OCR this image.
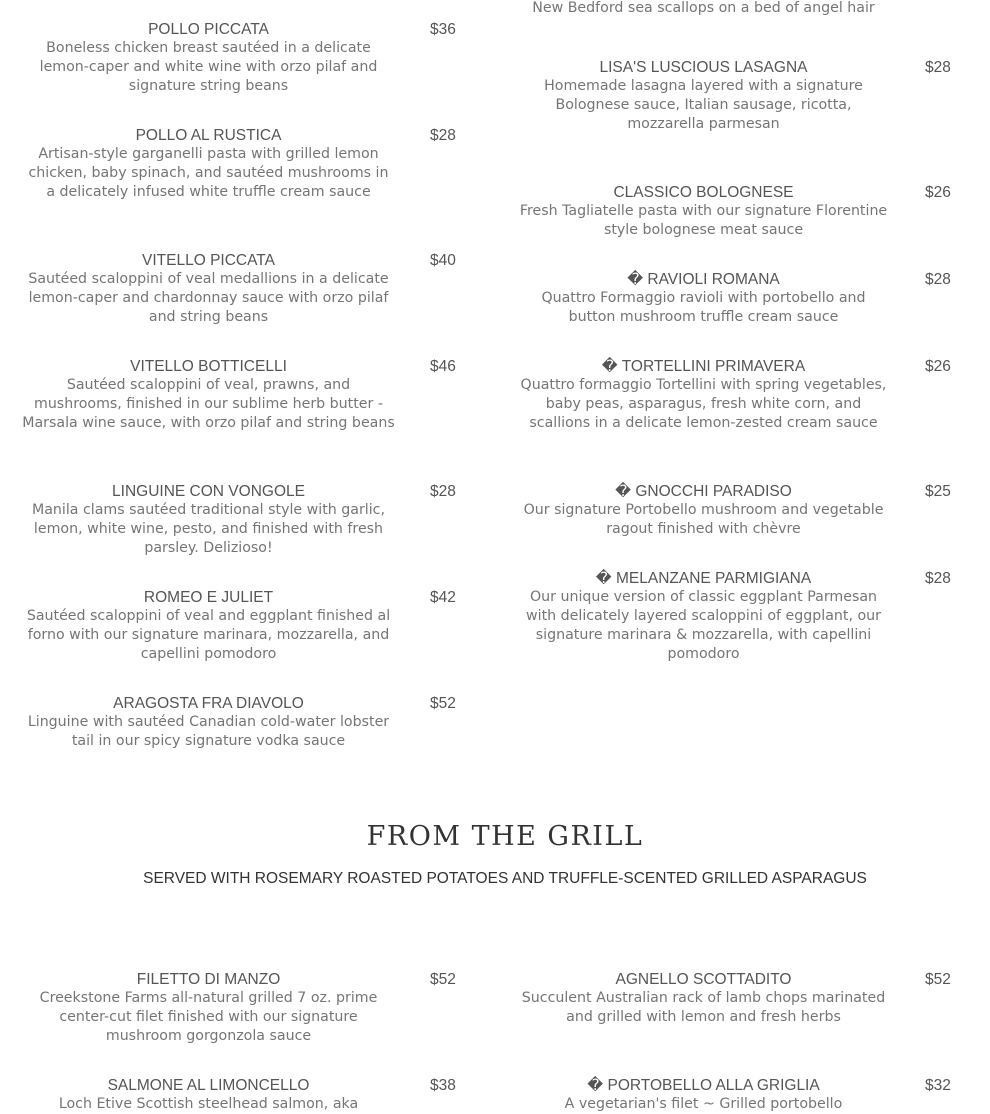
POLLO PICCATA	$36
Boneless chicken breast sautéed in a delicate lemon-caper and white wine with orzo pilaf and signature string beans
POLLO AL RUSTICA	$28
Artisan-style garganelli pasta with grilled lemon chicken, baby spinach, and sautéed mushrooms in a delicately infused white truffle cream sauce
VITELLO PICCATA	$40
Sautéed scaloppini of veal medallions in a delicate lemon-caper and chardonnay sauce with orzo pilaf and string beans
VITELLO BOTTICELLI	$46
Sautéed scaloppini of veal, prawns, and mushrooms, finished in our sublime herb butter - Marsala wine sauce, with orzo pilaf and string beans
LINGUINE CON VONGOLE	$28
Manila clams sautéed traditional style with garlic, lemon, white wine, pesto, and finished with fresh parsley. Delizioso!
ROMEO E JULIET	$42
Sautéed scaloppini of veal and eggplant finished al forno with our signature marinara, mozzarella, and capellini pomodoro
ARAGOSTA FRA DIAVOLO	$52
Linguine with sautéed Canadian cold-water lobster tail in our spicy signature vodka sauce
New Bedford sea scallops on a bed of angel hair
LISA'S LUSCIOUS LASAGNA	$28
Homemade lasagna layered with a signature Bolognese sauce, Italian sausage, ricotta, mozzarella parmesan
CLASSICO BOLOGNESE	$26
Fresh Tagliatelle pasta with our signature Florentine style bolognese meat sauce
� RAVIOLI ROMANA	$28
Quattro Formaggio ravioli with portobello and button mushroom truffle cream sauce
� TORTELLINI PRIMAVERA	$26
Quattro formaggio Tortellini with spring vegetables, baby peas, asparagus, fresh white corn, and scallions in a delicate lemon-zested cream sauce
� GNOCCHI PARADISO	$25
Our signature Portobello mushroom and vegetable ragout finished with chèvre
� MELANZANE PARMIGIANA	$28
Our unique version of classic eggplant Parmesan with delicately layered scaloppini of eggplant, our signature marinara & mozzarella, with capellini pomodoro
FROM THE GRILL
SERVED WITH ROSEMARY ROASTED POTATOES AND TRUFFLE-SCENTED GRILLED ASPARAGUS
FILETTO DI MANZO	$52
Creekstone Farms all-natural grilled 7 oz. prime center-cut filet finished with our signature mushroom gorgonzola sauce
SALMONE AL LIMONCELLO	$38
Loch Etive Scottish steelhead salmon, aka
AGNELLO SCOTTADITO	$52
Succulent Australian rack of lamb chops marinated and grilled with lemon and fresh herbs
� PORTOBELLO ALLA GRIGLIA	$32
A vegetarian's filet ~ Grilled portobello
